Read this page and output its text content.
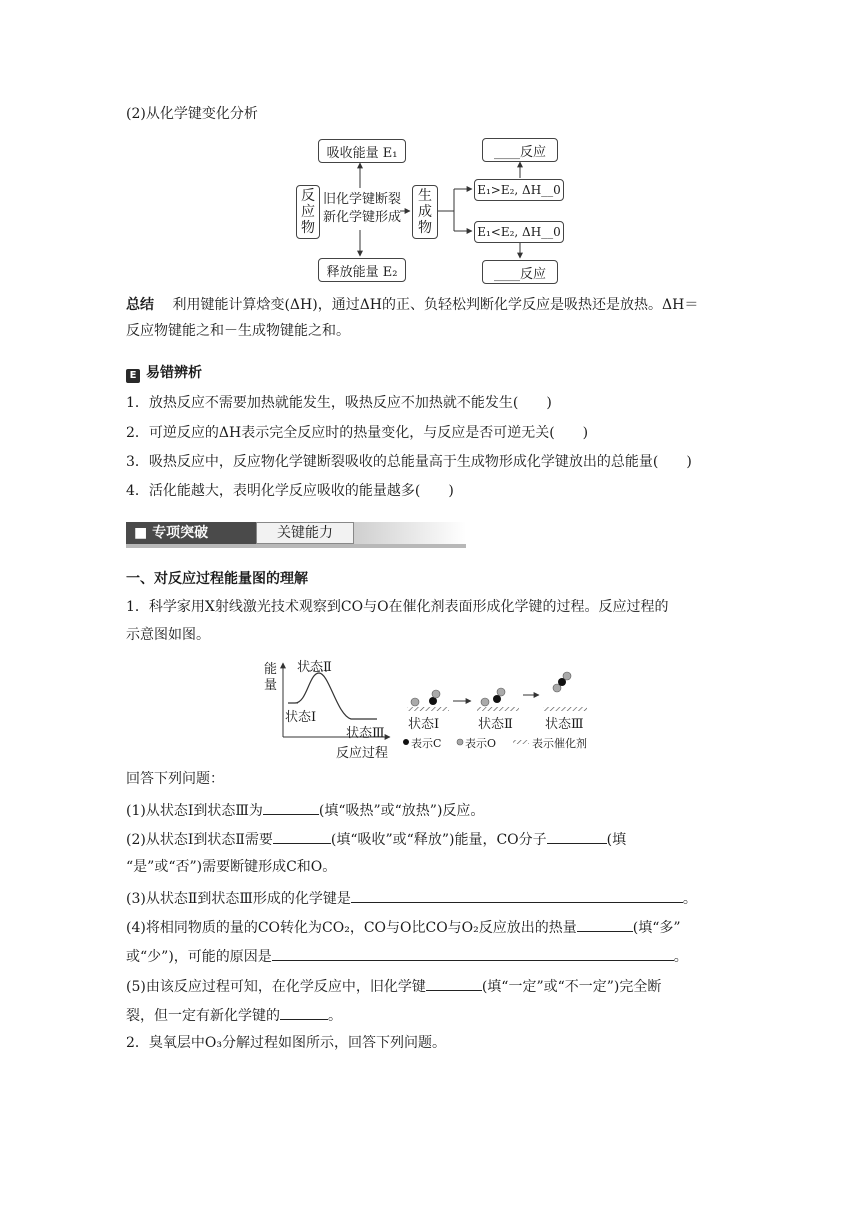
(2)从化学键变化分析
吸收能量 E₁
反
应
物
旧化学键断裂
新化学键形成
生
成
物
释放能量 E₂
____反应
E₁>E₂, ΔH__0
E₁<E₂, ΔH__0
____反应
总结 利用键能计算焓变(ΔH)，通过ΔH的正、负轻松判断化学反应是吸热还是放热。ΔH＝
反应物键能之和－生成物键能之和。
E 易错辨析
1．放热反应不需要加热就能发生，吸热反应不加热就不能发生(　　)
2．可逆反应的ΔH表示完全反应时的热量变化，与反应是否可逆无关(　　)
3．吸热反应中，反应物化学键断裂吸收的总能量高于生成物形成化学键放出的总能量(　　)
4．活化能越大，表明化学反应吸收的能量越多(　　)
■ 专项突破	关键能力
一、对反应过程能量图的理解
1．科学家用X射线激光技术观察到CO与O在催化剂表面形成化学键的过程。反应过程的
示意图如图。
能
量
反应过程
状态Ⅱ
状态Ⅰ
状态Ⅲ
状态Ⅰ	状态Ⅱ 状态Ⅲ
表示C 表示O	表示催化剂
回答下列问题：
(1)从状态Ⅰ到状态Ⅲ为	(填“吸热”或“放热”)反应。
(2)从状态Ⅰ到状态Ⅱ需要	(填“吸收”或“释放”)能量，CO分子	(填
“是”或“否”)需要断键形成C和O。
(3)从状态Ⅱ到状态Ⅲ形成的化学键是	。
(4)将相同物质的量的CO转化为CO₂，CO与O比CO与O₂反应放出的热量	(填“多”
或“少”)，可能的原因是	。
(5)由该反应过程可知，在化学反应中，旧化学键	(填“一定”或“不一定”)完全断
裂，但一定有新化学键的	。
2．臭氧层中O₃分解过程如图所示，回答下列问题。
